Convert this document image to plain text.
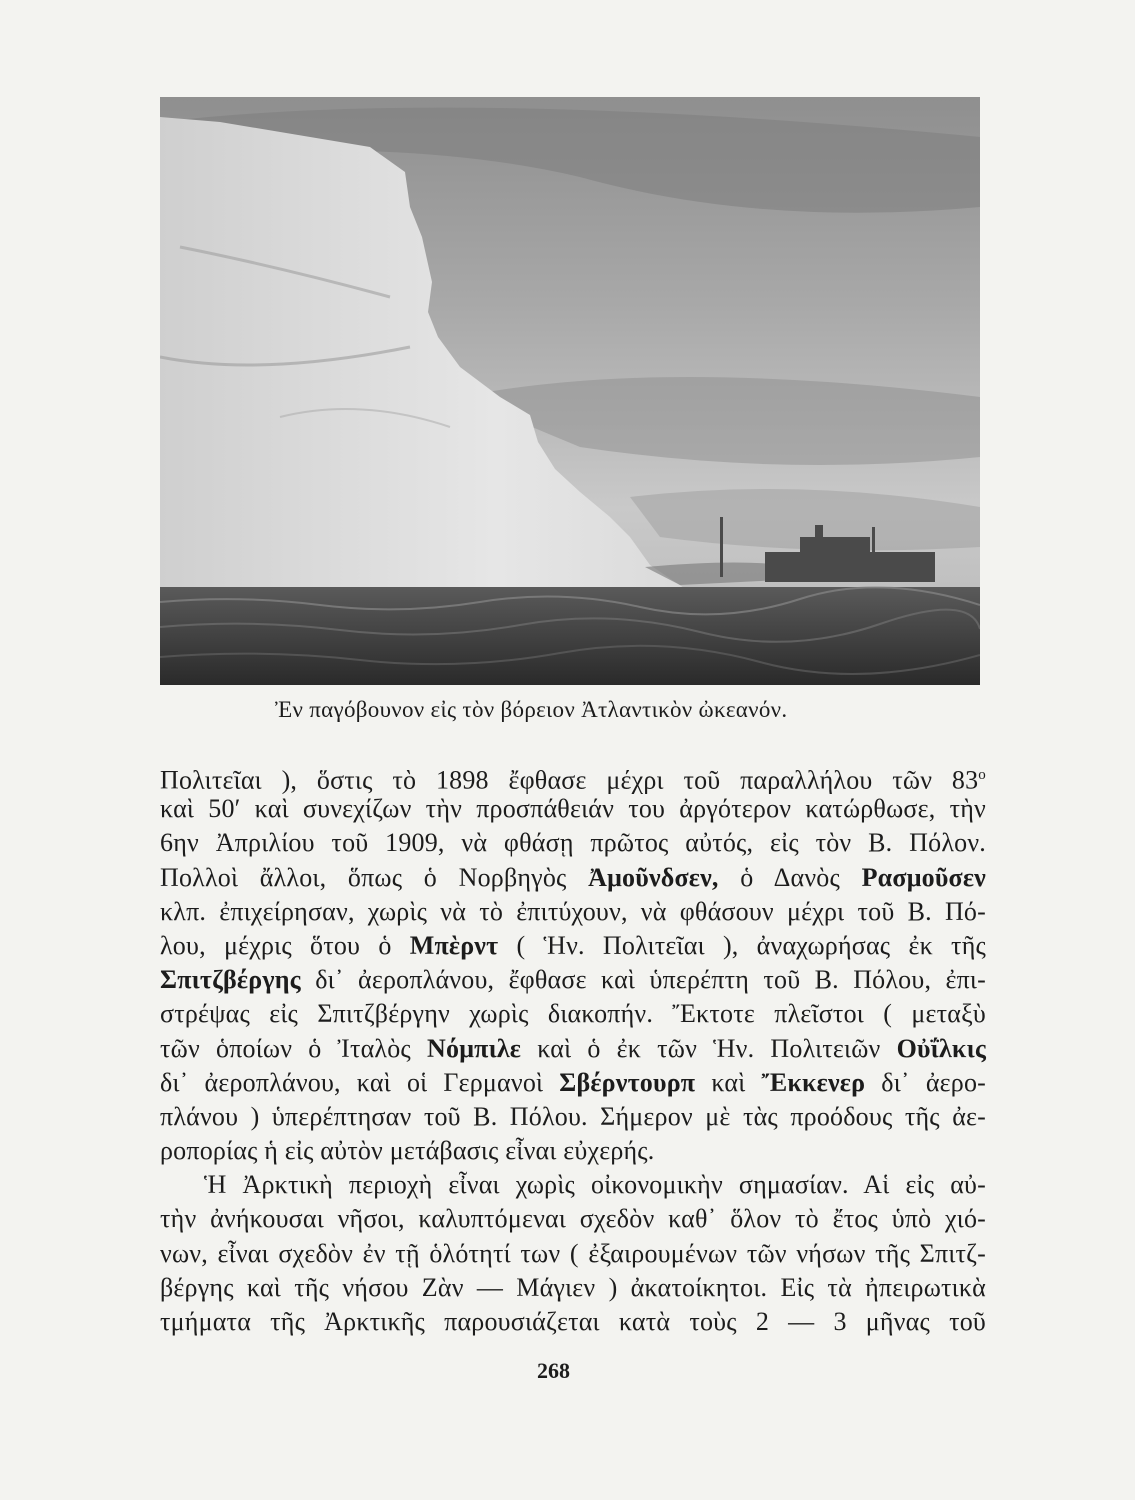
Ἐν παγόβουνον εἰς τὸν βόρειον Ἀτλαντικὸν ὠκεανόν.
Πολιτεῖαι ), ὅστις τὸ 1898 ἔφθασε μέχρι τοῦ παραλλήλου τῶν $83^o$
καὶ 50′ καὶ συνεχίζων τὴν προσπάθειάν του ἀργότερον κατώρθωσε, τὴν
6ην Ἀπριλίου τοῦ 1909, νὰ φθάσῃ πρῶτος αὐτός, εἰς τὸν Β. Πόλον.
Πολλοὶ ἄλλοι, ὅπως ὁ Νορβηγὸς Ἀμοῦνδσεν, ὁ Δανὸς Ρασμοῦσεν
κλπ. ἐπιχείρησαν, χωρὶς νὰ τὸ ἐπιτύχουν, νὰ φθάσουν μέχρι τοῦ Β. Πό-
λου, μέχρις ὅτου ὁ Μπὲρντ ( Ἡν. Πολιτεῖαι ), ἀναχωρήσας ἐκ τῆς
Σπιτζβέργης δι᾽ ἀεροπλάνου, ἔφθασε καὶ ὑπερέπτη τοῦ Β. Πόλου, ἐπι-
στρέψας εἰς Σπιτζβέργην χωρὶς διακοπήν. Ἔκτοτε πλεῖστοι ( μεταξὺ
τῶν ὁποίων ὁ Ἰταλὸς Νόμπιλε καὶ ὁ ἐκ τῶν Ἡν. Πολιτειῶν Οὐΐλκις
δι᾽ ἀεροπλάνου, καὶ οἱ Γερμανοὶ Σβέρντουρπ καὶ Ἔκκενερ δι᾽ ἀερο-
πλάνου ) ὑπερέπτησαν τοῦ Β. Πόλου. Σήμερον μὲ τὰς προόδους τῆς ἀε-
ροπορίας ἡ εἰς αὐτὸν μετάβασις εἶναι εὐχερής.
Ἡ Ἀρκτικὴ περιοχὴ εἶναι χωρὶς οἰκονομικὴν σημασίαν. Αἱ εἰς αὐ-
τὴν ἀνήκουσαι νῆσοι, καλυπτόμεναι σχεδὸν καθ᾽ ὅλον τὸ ἔτος ὑπὸ χιό-
νων, εἶναι σχεδὸν ἐν τῇ ὁλότητί των ( ἐξαιρουμένων τῶν νήσων τῆς Σπιτζ-
βέργης καὶ τῆς νήσου Ζὰν — Μάγιεν ) ἀκατοίκητοι. Εἰς τὰ ἠπειρωτικὰ
τμήματα τῆς Ἀρκτικῆς παρουσιάζεται κατὰ τοὺς 2 — 3 μῆνας τοῦ
268
